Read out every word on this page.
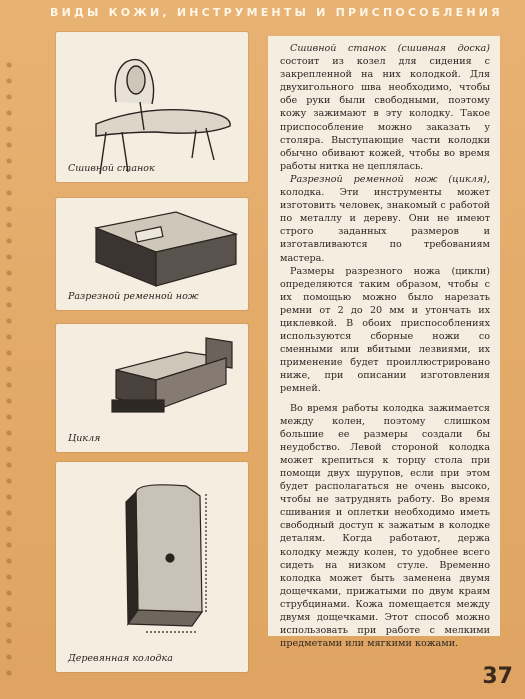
ВИДЫ КОЖИ, ИНСТРУМЕНТЫ И ПРИСПОСОБЛЕНИЯ
Сшивной станок
Разрезной ременной нож
Цикля
Деревянная колодка

Сшивной станок (сшивная доска) состоит из козел для сидения с закрепленной на них колодкой. Для двухигольного шва необходимо, чтобы обе руки были свободными, поэтому кожу зажимают в эту колодку. Такое приспособление можно заказать у столяра. Выступающие части колодки обычно обивают кожей, чтобы во время работы нитка не цеплялась.

Разрезной ременной нож (цикля), колодка. Эти инструменты может изготовить человек, знакомый с работой по металлу и дереву. Они не имеют строго заданных размеров и изготавливаются по требованиям мастера.

Размеры разрезного ножа (цикли) определяются таким образом, чтобы с их помощью можно было нарезать ремни от 2 до 20 мм и утончать их циклевкой. В обоих приспособлениях используются сборные ножи со сменными или вбитыми лезвиями, их применение будет проиллюстрировано ниже, при описании изготовления ремней.

Во время работы колодка зажимается между колен, поэтому слишком большие ее размеры создали бы неудобство. Левой стороной колодка может крепиться к торцу стола при помощи двух шурупов, если при этом будет располагаться не очень высоко, чтобы не затруднять работу. Во время сшивания и оплетки необходимо иметь свободный доступ к зажатым в колодке деталям. Когда работают, держа колодку между колен, то удобнее всего сидеть на низком стуле. Временно колодка может быть заменена двумя дощечками, прижатыми по двум краям струбцинами. Кожа помещается между двумя дощечками. Этот способ можно использовать при работе с мелкими предметами или мягкими кожами.

37
